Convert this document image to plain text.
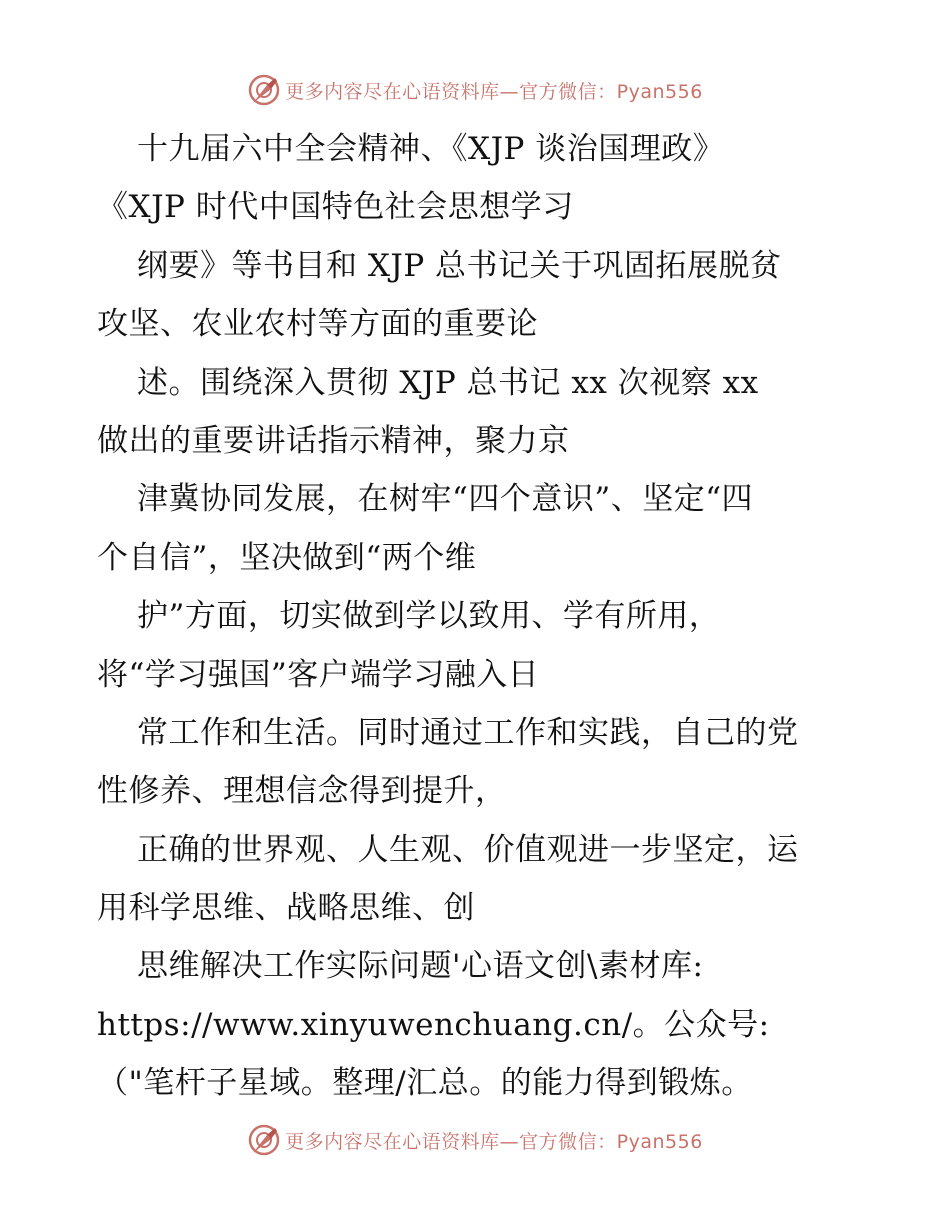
更多内容尽在心语资料库—官方微信：Pyan556
十九届六中全会精神、《XJP 谈治国理政》
《XJP 时代中国特色社会思想学习
纲要》等书目和 XJP 总书记关于巩固拓展脱贫
攻坚、农业农村等方面的重要论
述。围绕深入贯彻 XJP 总书记 xx 次视察 xx
做出的重要讲话指示精神，聚力京
津冀协同发展，在树牢“四个意识”、坚定“四
个自信”，坚决做到“两个维
护”方面，切实做到学以致用、学有所用，
将“学习强国”客户端学习融入日
常工作和生活。同时通过工作和实践，自己的党
性修养、理想信念得到提升，
正确的世界观、人生观、价值观进一步坚定，运
用科学思维、战略思维、创
思维解决工作实际问题'心语文创\素材库:
https://www.xinyuwenchuang.cn/。公众号:
（"笔杆子星域。整理/汇总。的能力得到锻炼。
更多内容尽在心语资料库—官方微信：Pyan556
